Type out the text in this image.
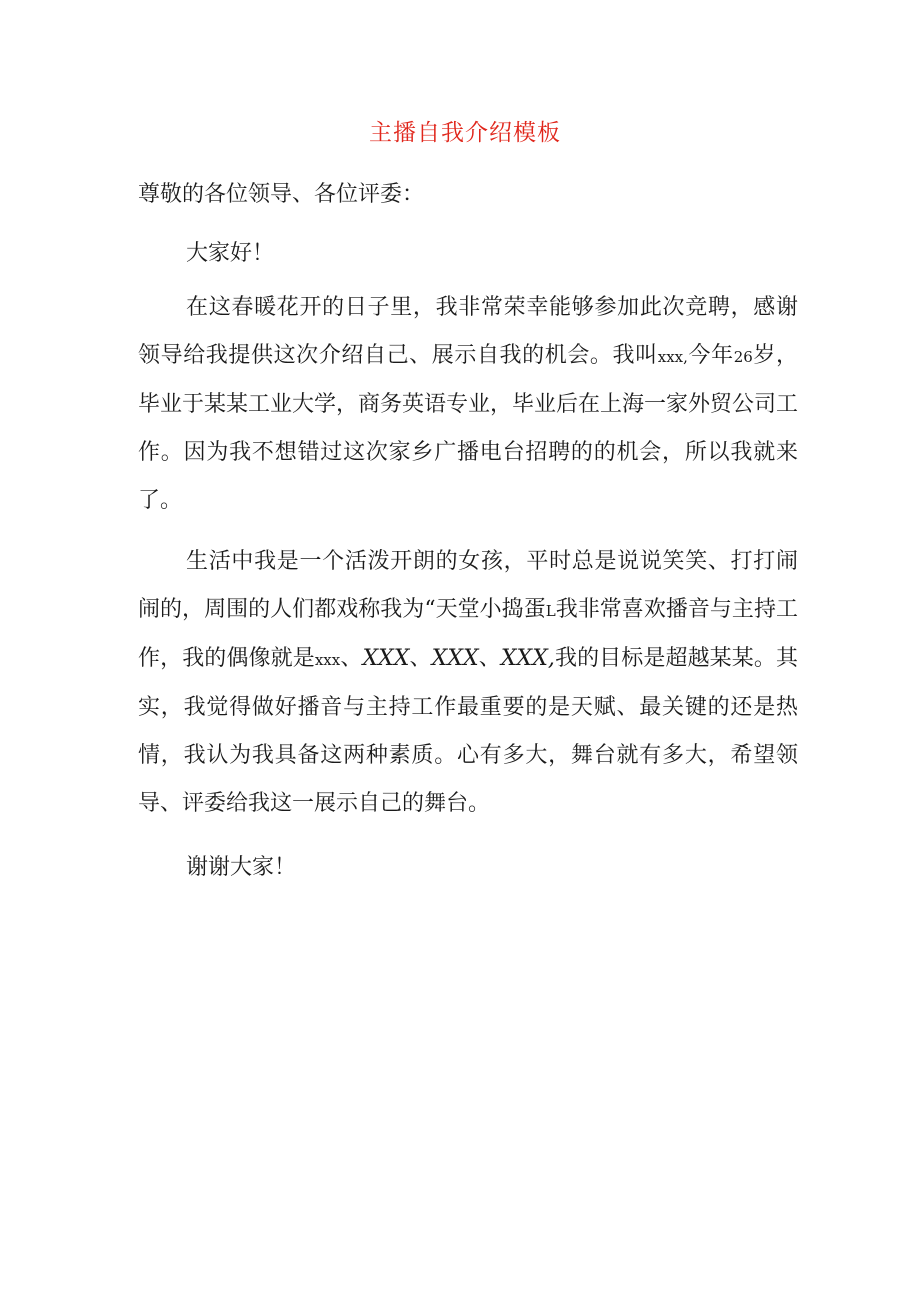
主播自我介绍模板
尊敬的各位领导、各位评委：

大家好！

在这春暖花开的日子里，我非常荣幸能够参加此次竞聘，感谢领导给我提供这次介绍自己、展示自我的机会。我叫xxx,今年26岁，毕业于某某工业大学，商务英语专业，毕业后在上海一家外贸公司工作。因为我不想错过这次家乡广播电台招聘的的机会，所以我就来了。

生活中我是一个活泼开朗的女孩，平时总是说说笑笑、打打闹闹的，周围的人们都戏称我为“天堂小捣蛋L我非常喜欢播音与主持工作，我的偶像就是xxx、XXX、XXX、XXX,我的目标是超越某某。其实，我觉得做好播音与主持工作最重要的是天赋、最关键的还是热情，我认为我具备这两种素质。心有多大，舞台就有多大，希望领导、评委给我这一展示自己的舞台。

谢谢大家！
